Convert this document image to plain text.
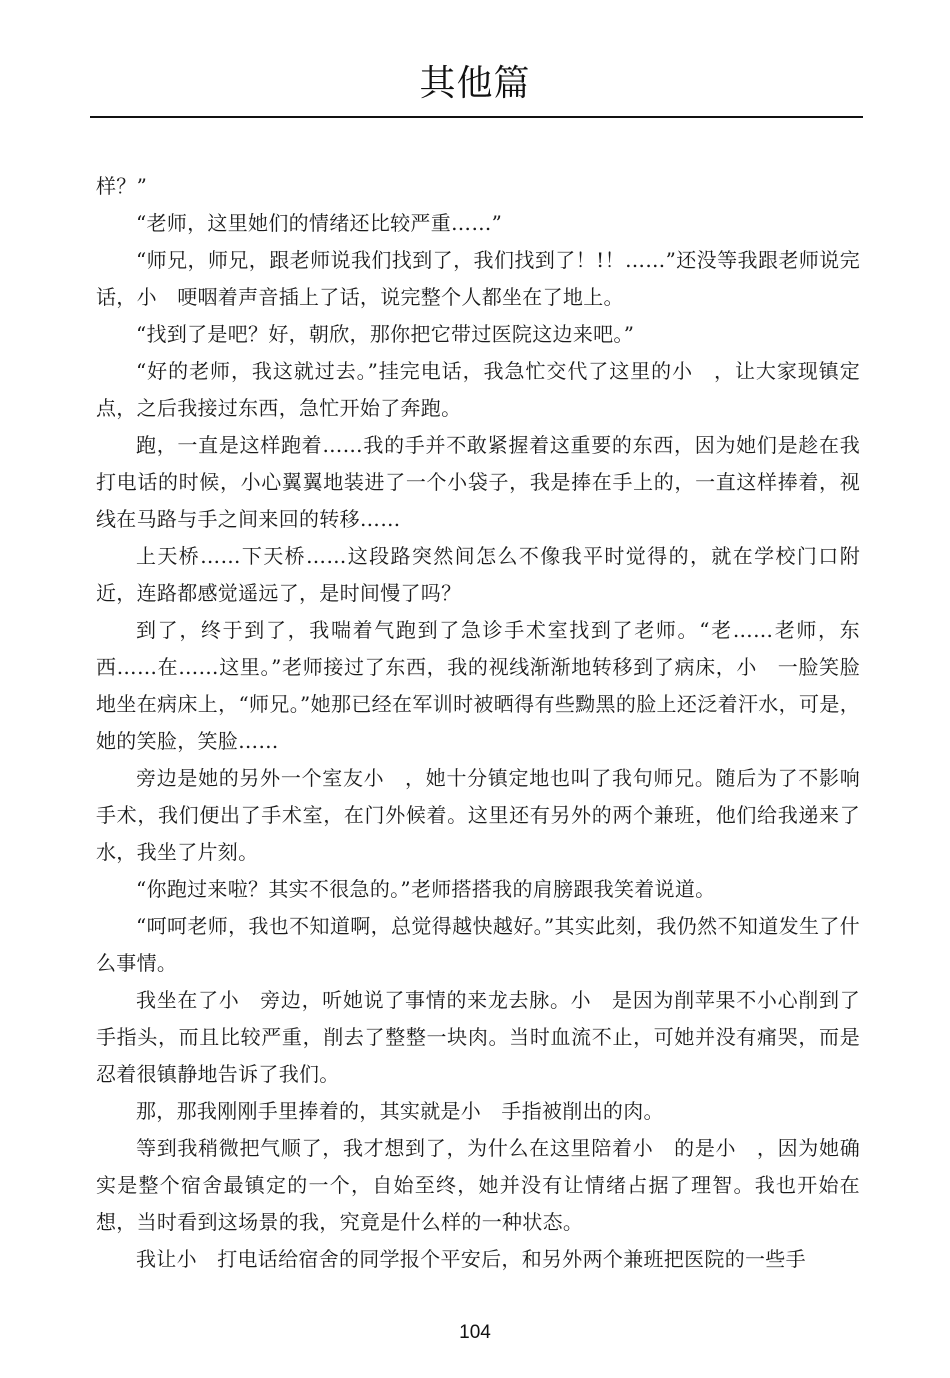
其他篇

样？”

“老师，这里她们的情绪还比较严重……”

“师兄，师兄，跟老师说我们找到了，我们找到了！!！……”还没等我跟老师说完话，小　哽咽着声音插上了话，说完整个人都坐在了地上。

“找到了是吧？好，朝欣，那你把它带过医院这边来吧。”

“好的老师，我这就过去。”挂完电话，我急忙交代了这里的小　，让大家现镇定点，之后我接过东西，急忙开始了奔跑。

跑，一直是这样跑着……我的手并不敢紧握着这重要的东西，因为她们是趁在我打电话的时候，小心翼翼地装进了一个小袋子，我是捧在手上的，一直这样捧着，视线在马路与手之间来回的转移……

上天桥……下天桥……这段路突然间怎么不像我平时觉得的，就在学校门口附近，连路都感觉遥远了，是时间慢了吗？

到了，终于到了，我喘着气跑到了急诊手术室找到了老师。“老……老师，东西……在……这里。”老师接过了东西，我的视线渐渐地转移到了病床，小　一脸笑脸地坐在病床上，“师兄。”她那已经在军训时被晒得有些黝黑的脸上还泛着汗水，可是，她的笑脸，笑脸……

旁边是她的另外一个室友小　，她十分镇定地也叫了我句师兄。随后为了不影响手术，我们便出了手术室，在门外候着。这里还有另外的两个兼班，他们给我递来了水，我坐了片刻。

“你跑过来啦？其实不很急的。”老师搭搭我的肩膀跟我笑着说道。

“呵呵老师，我也不知道啊，总觉得越快越好。”其实此刻，我仍然不知道发生了什么事情。

我坐在了小　旁边，听她说了事情的来龙去脉。小　是因为削苹果不小心削到了手指头，而且比较严重，削去了整整一块肉。当时血流不止，可她并没有痛哭，而是忍着很镇静地告诉了我们。

那，那我刚刚手里捧着的，其实就是小　手指被削出的肉。

等到我稍微把气顺了，我才想到了，为什么在这里陪着小　的是小　，因为她确实是整个宿舍最镇定的一个，自始至终，她并没有让情绪占据了理智。我也开始在想，当时看到这场景的我，究竟是什么样的一种状态。

我让小　打电话给宿舍的同学报个平安后，和另外两个兼班把医院的一些手

104
